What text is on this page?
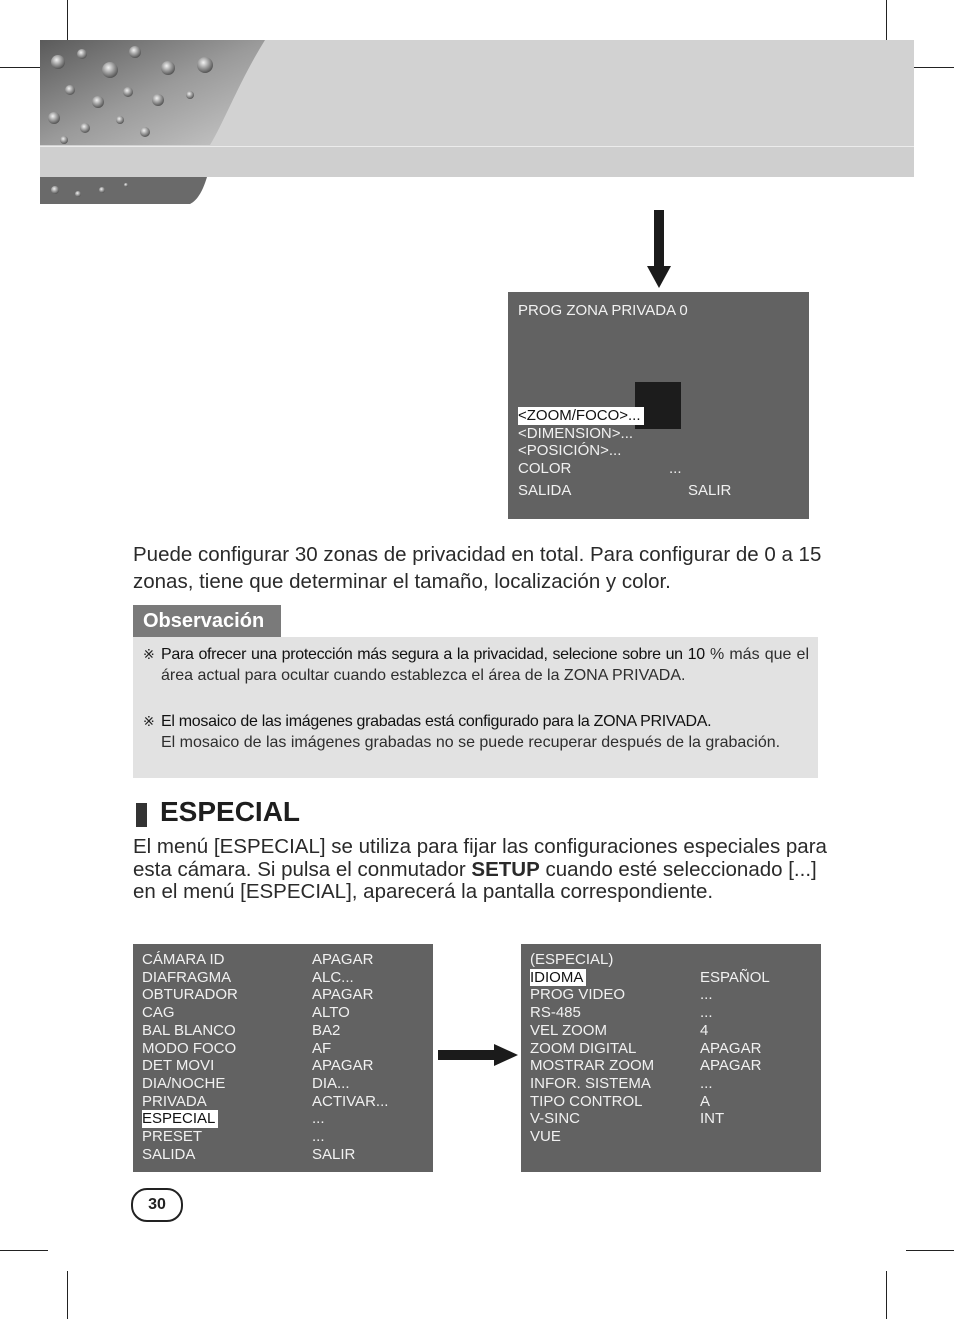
PROG ZONA PRIVADA 0
<ZOOM/FOCO>...
<DIMENSION>...
<POSICIÓN>...
COLOR	...
SALIDA	SALIR
Puede configurar 30 zonas de privacidad en total. Para configurar de 0 a 15 zonas, tiene que determinar el tamaño, localización y color.
Observación
※ Para ofrecer una protección más segura a la privacidad, selecione sobre un 10 % más que el área actual para ocultar cuando establezca el área de la ZONA PRIVADA.
※ El mosaico de las imágenes grabadas está configurado para la ZONA PRIVADA.
El mosaico de las imágenes grabadas no se puede recuperar después de la grabación.
ESPECIAL
El menú [ESPECIAL] se utiliza para fijar las configuraciones especiales para esta cámara. Si pulsa el conmutador SETUP cuando esté seleccionado [...] en el menú [ESPECIAL], aparecerá la pantalla correspondiente.
CÁMARA ID	APAGAR
DIAFRAGMA	ALC...
OBTURADOR	APAGAR
CAG	ALTO
BAL BLANCO	BA2
MODO FOCO	AF
DET MOVI	APAGAR
DIA/NOCHE	DIA...
PRIVADA	ACTIVAR...
ESPECIAL	...
PRESET	...
SALIDA	SALIR
(ESPECIAL)
IDIOMA	ESPAÑOL
PROG VIDEO	...
RS-485	...
VEL ZOOM	4
ZOOM DIGITAL	APAGAR
MOSTRAR ZOOM	APAGAR
INFOR. SISTEMA	...
TIPO CONTROL	A
V-SINC	INT
VUE
30
